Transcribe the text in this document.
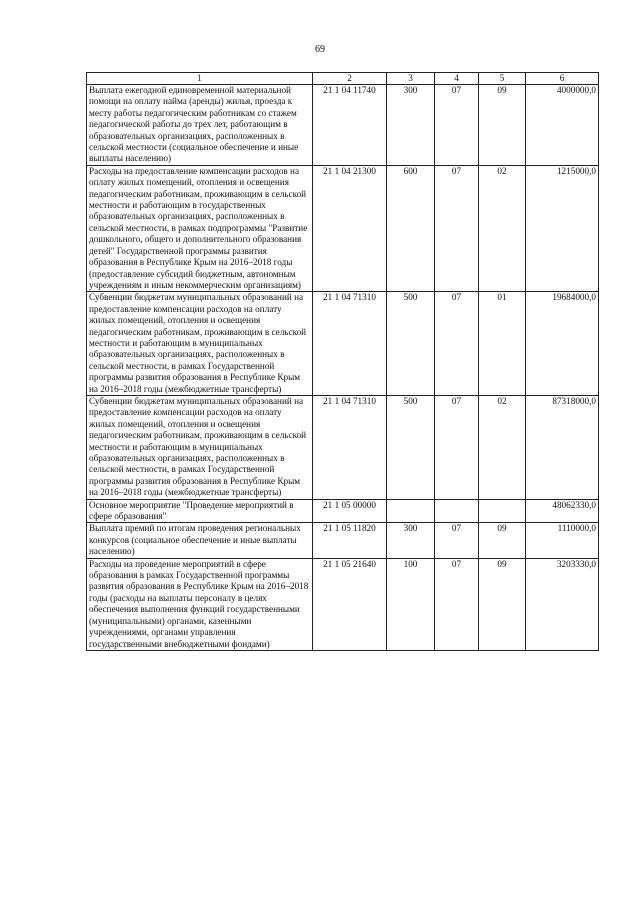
69
1	2	3	4	5	6
Выплата ежегодной единовременной материальной помощи на оплату найма (аренды) жилья, проезда к месту работы педагогическим работникам со стажем педагогической работы до трех лет, работающим в образовательных организациях, расположенных в сельской местности (социальное обеспечение и иные выплаты населению)	21 1 04 11740	300	07	09	4000000,0
Расходы на предоставление компенсации расходов на оплату жилых помещений, отопления и освещения педагогическим работникам, проживающим в сельской местности и работающим в государственных образовательных организациях, расположенных в сельской местности, в рамках подпрограммы "Развитие дошкольного, общего и дополнительного образования детей" Государственной программы развития образования в Республике Крым на 2016–2018 годы (предоставление субсидий бюджетным, автономным учреждениям и иным некоммерческим организациям)	21 1 04 21300	600	07	02	1215000,0
Субвенции бюджетам муниципальных образований на предоставление компенсации расходов на оплату жилых помещений, отопления и освещения педагогическим работникам, проживающим в сельской местности и работающим в муниципальных образовательных организациях, расположенных в сельской местности, в рамках Государственной программы развития образования в Республике Крым на 2016–2018 годы (межбюджетные трансферты)	21 1 04 71310	500	07	01	19684000,0
Субвенции бюджетам муниципальных образований на предоставление компенсации расходов на оплату жилых помещений, отопления и освещения педагогическим работникам, проживающим в сельской местности и работающим в муниципальных образовательных организациях, расположенных в сельской местности, в рамках Государственной программы развития образования в Республике Крым на 2016–2018 годы (межбюджетные трансферты)	21 1 04 71310	500	07	02	87318000,0
Основное мероприятие "Проведение мероприятий в сфере образования"	21 1 05 00000				48062330,0
Выплата премий по итогам проведения региональных конкурсов (социальное обеспечение и иные выплаты населению)	21 1 05 11820	300	07	09	1110000,0
Расходы на проведение мероприятий в сфере образования в рамках Государственной программы развития образования в Республике Крым на 2016–2018 годы (расходы на выплаты персоналу в целях обеспечения выполнения функций государственными (муниципальными) органами, казенными учреждениями, органами управления государственными внебюджетными фондами)	21 1 05 21640	100	07	09	3203330,0
